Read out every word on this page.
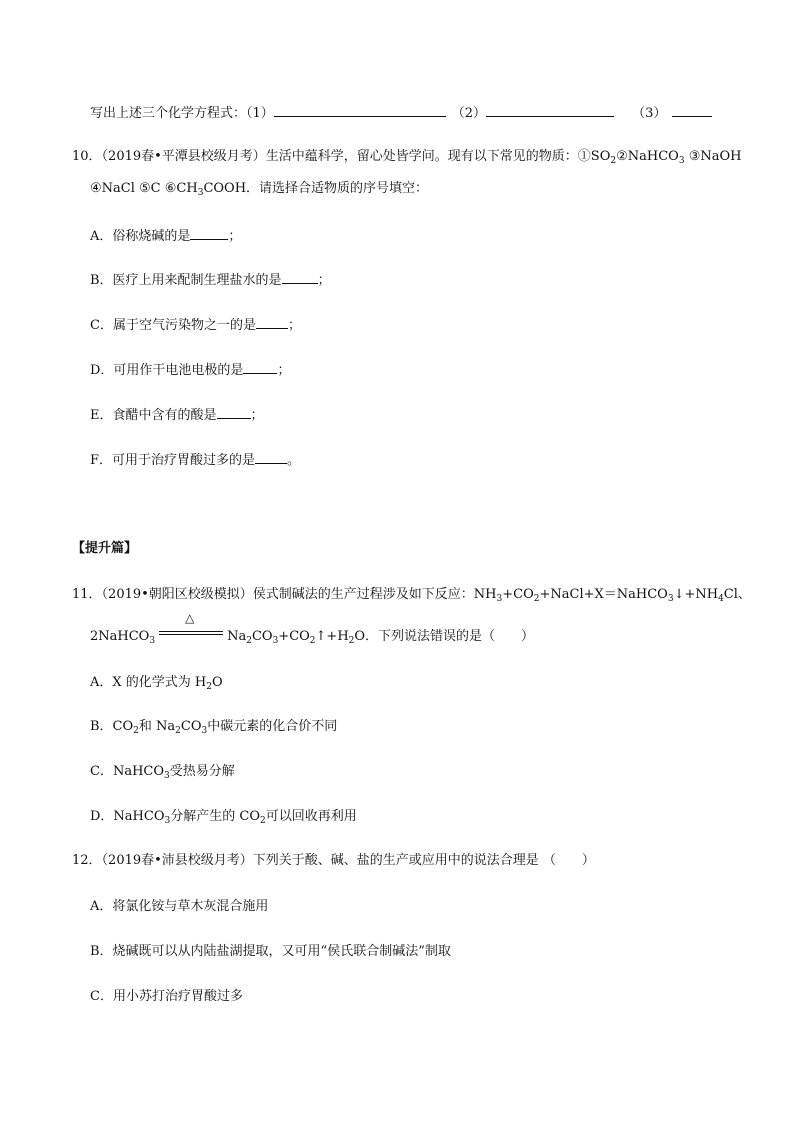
写出上述三个化学方程式：（1）	（2）	（3）
10．（2019春•平潭县校级月考）生活中蕴科学，留心处皆学问。现有以下常见的物质：$①SO_2②NaHCO_3$ ③NaOH
④NaCl ⑤C $⑥CH_3COOH$．请选择合适物质的序号填空：
A．俗称烧碱的是	；
B．医疗上用来配制生理盐水的是	；
C．属于空气污染物之一的是 ；
D．可用作干电池电极的是	；
E．食醋中含有的酸是	；
F．可用于治疗胃酸过多的是 。
【提升篇】
11．（2019•朝阳区校级模拟）侯式制碱法的生产过程涉及如下反应：$NH_3+CO_2+NaCl+X=NaHCO_3↓+NH_4Cl$、
2NaHCO$_3$
△
$Na_2CO_3+CO_2↑+H_2O$．下列说法错误的是（　　）
A．X 的化学式为 $H_2O$
B．$CO_2$和 $Na_2CO_3$中碳元素的化合价不同
C．NaHCO$_3$受热易分解
D．NaHCO$_3$分解产生的 $CO_2$可以回收再利用
12．（2019春•沛县校级月考）下列关于酸、碱、盐的生产或应用中的说法合理是 （　　）
A．将氯化铵与草木灰混合施用
B．烧碱既可以从内陆盐湖提取，又可用“侯氏联合制碱法”制取
C．用小苏打治疗胃酸过多
